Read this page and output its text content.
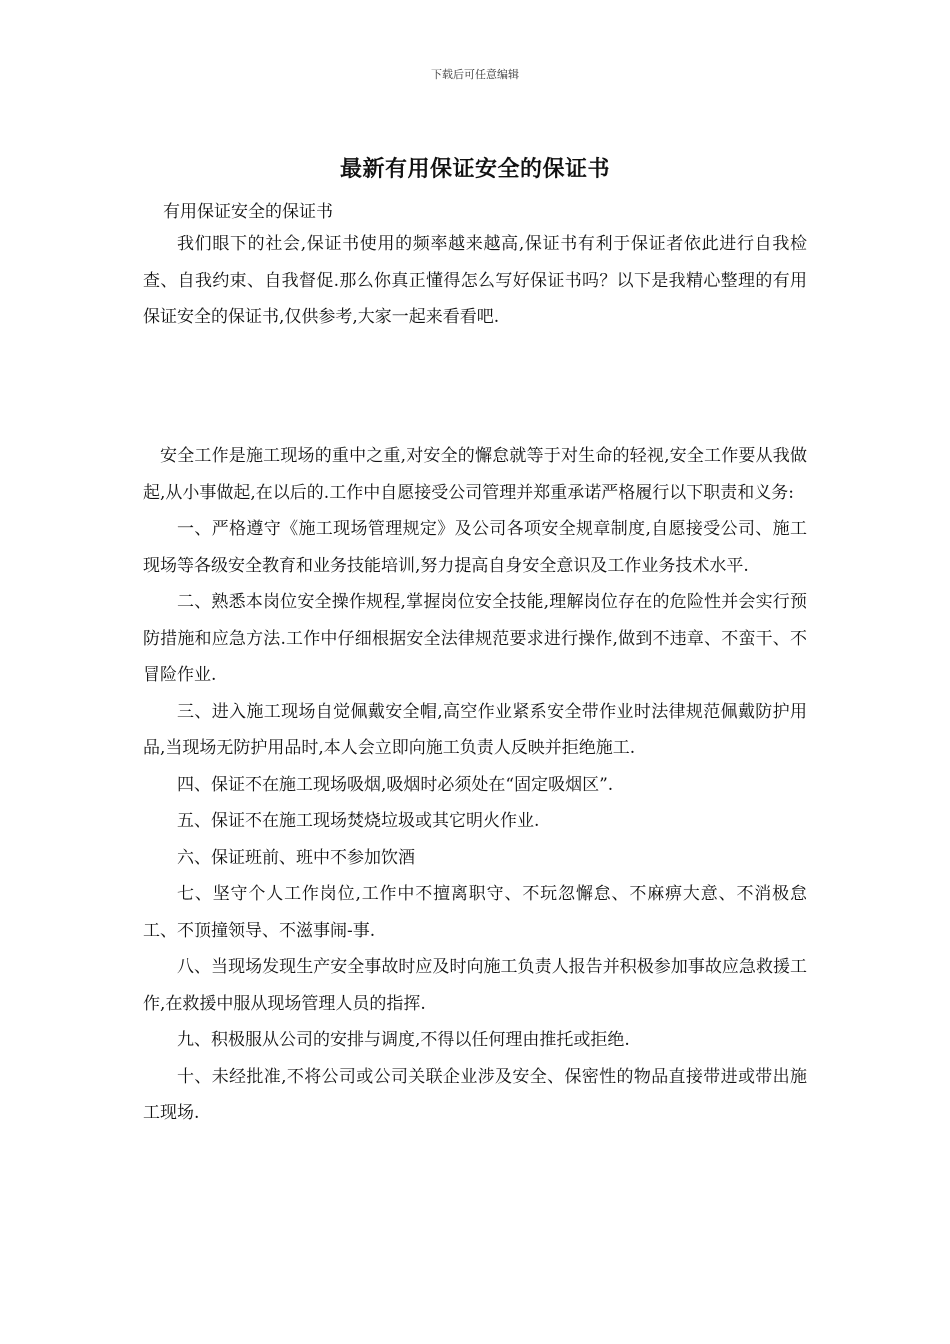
下载后可任意编辑
最新有用保证安全的保证书
有用保证安全的保证书

我们眼下的社会,保证书使用的频率越来越高,保证书有利于保证者依此进行自我检查、自我约束、自我督促.那么你真正懂得怎么写好保证书吗？以下是我精心整理的有用保证安全的保证书,仅供参考,大家一起来看看吧.

安全工作是施工现场的重中之重,对安全的懈怠就等于对生命的轻视,安全工作要从我做起,从小事做起,在以后的.工作中自愿接受公司管理并郑重承诺严格履行以下职责和义务:

一、严格遵守《施工现场管理规定》及公司各项安全规章制度,自愿接受公司、施工现场等各级安全教育和业务技能培训,努力提高自身安全意识及工作业务技术水平.

二、熟悉本岗位安全操作规程,掌握岗位安全技能,理解岗位存在的危险性并会实行预防措施和应急方法.工作中仔细根据安全法律规范要求进行操作,做到不违章、不蛮干、不冒险作业.

三、进入施工现场自觉佩戴安全帽,高空作业紧系安全带作业时法律规范佩戴防护用品,当现场无防护用品时,本人会立即向施工负责人反映并拒绝施工.

四、保证不在施工现场吸烟,吸烟时必须处在“固定吸烟区”.

五、保证不在施工现场焚烧垃圾或其它明火作业.

六、保证班前、班中不参加饮酒

七、坚守个人工作岗位,工作中不擅离职守、不玩忽懈怠、不麻痹大意、不消极怠工、不顶撞领导、不滋事闹-事.

八、当现场发现生产安全事故时应及时向施工负责人报告并积极参加事故应急救援工作,在救援中服从现场管理人员的指挥.

九、积极服从公司的安排与调度,不得以任何理由推托或拒绝.

十、未经批准,不将公司或公司关联企业涉及安全、保密性的物品直接带进或带出施工现场.
